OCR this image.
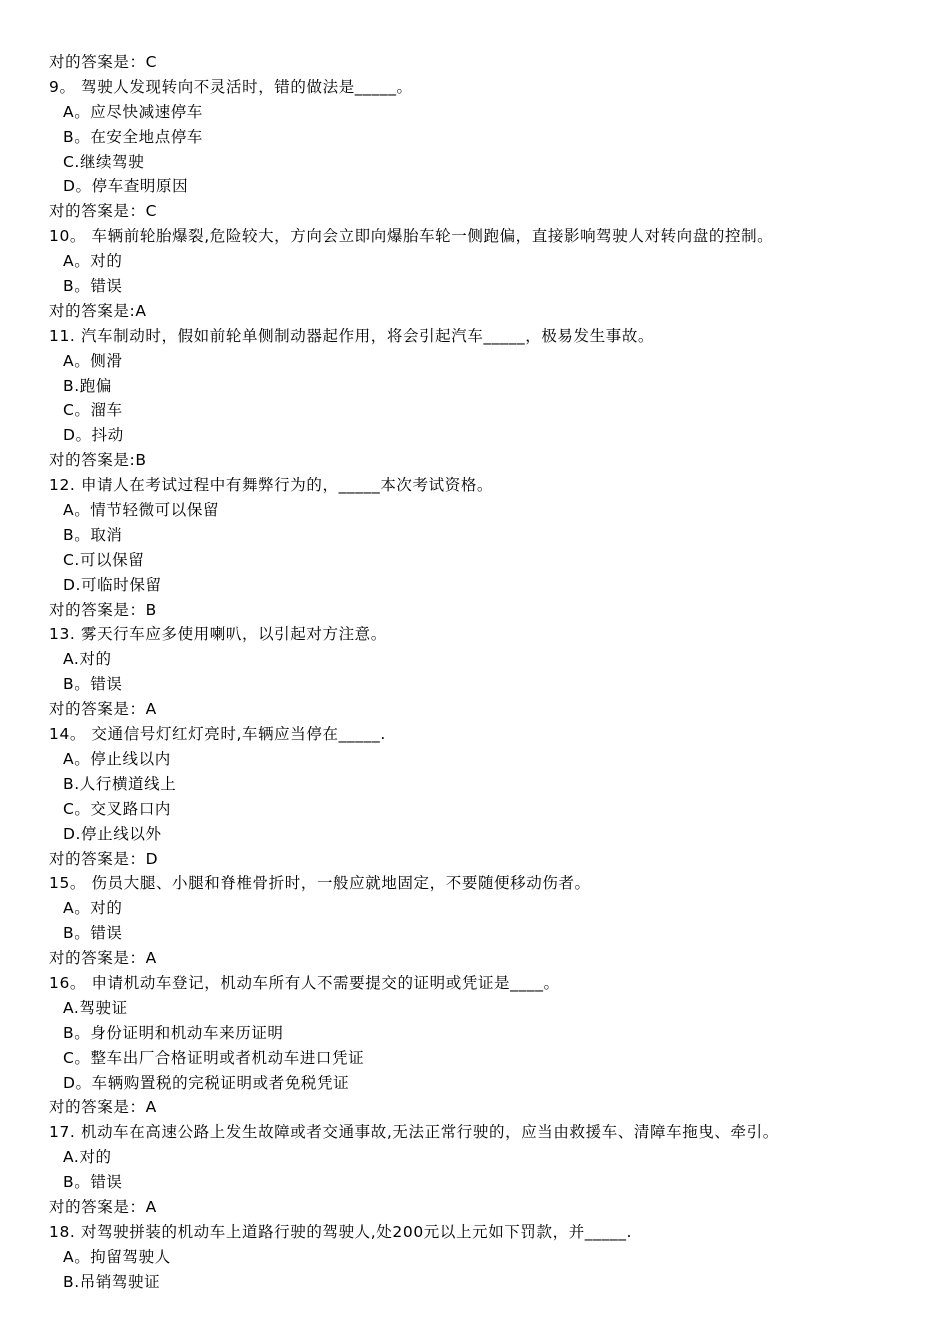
对的答案是：C
9。 驾驶人发现转向不灵活时，错的做法是_____。
A。应尽快减速停车
B。在安全地点停车
C.继续驾驶
D。停车查明原因
对的答案是：C
10。 车辆前轮胎爆裂,危险较大，方向会立即向爆胎车轮一侧跑偏，直接影响驾驶人对转向盘的控制。
A。对的
B。错误
对的答案是:A
11. 汽车制动时，假如前轮单侧制动器起作用，将会引起汽车_____，极易发生事故。
A。侧滑
B.跑偏
C。溜车
D。抖动
对的答案是:B
12. 申请人在考试过程中有舞弊行为的，_____本次考试资格。
A。情节轻微可以保留
B。取消
C.可以保留
D.可临时保留
对的答案是：B
13. 雾天行车应多使用喇叭，以引起对方注意。
A.对的
B。错误
对的答案是：A
14。 交通信号灯红灯亮时,车辆应当停在_____.
A。停止线以内
B.人行横道线上
C。交叉路口内
D.停止线以外
对的答案是：D
15。 伤员大腿、小腿和脊椎骨折时，一般应就地固定，不要随便移动伤者。
A。对的
B。错误
对的答案是：A
16。 申请机动车登记，机动车所有人不需要提交的证明或凭证是____。
A.驾驶证
B。身份证明和机动车来历证明
C。整车出厂合格证明或者机动车进口凭证
D。车辆购置税的完税证明或者免税凭证
对的答案是：A
17. 机动车在高速公路上发生故障或者交通事故,无法正常行驶的，应当由救援车、清障车拖曳、牵引。
A.对的
B。错误
对的答案是：A
18. 对驾驶拼装的机动车上道路行驶的驾驶人,处200元以上元如下罚款，并_____.
A。拘留驾驶人
B.吊销驾驶证
